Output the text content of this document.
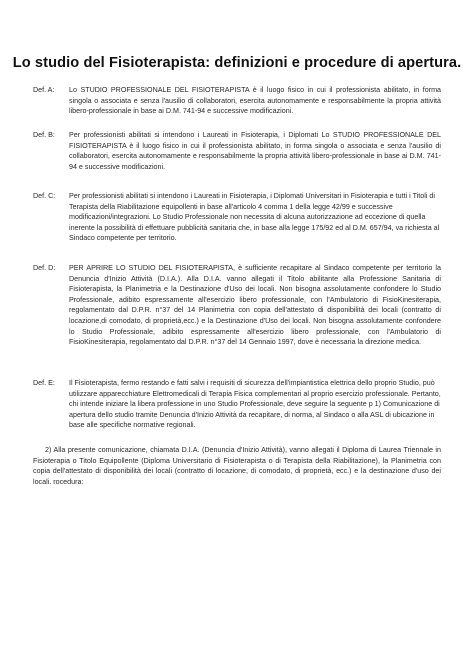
Lo studio del Fisioterapista: definizioni e procedure di apertura.
Def. A: Lo STUDIO PROFESSIONALE DEL FISIOTERAPISTA è il luogo fisico in cui il professionista abilitato, in forma singola o associata e senza l'ausilio di collaboratori, esercita autonomamente e responsabilmente la propria attività libero-professionale in base ai D.M. 741-94 e successive modificazioni.
Def. B: Per professionisti abilitati si intendono i Laureati in Fisioterapia, i Diplomati Lo STUDIO PROFESSIONALE DEL FISIOTERAPISTA è il luogo fisico in cui il professionista abilitato, in forma singola o associata e senza l'ausilio di collaboratori, esercita autonomamente e responsabilmente la propria attività libero-professionale in base ai D.M. 741-94 e successive modificazioni.
Def. C: Per professionisti abilitati si intendono i Laureati in Fisioterapia, i Diplomati Universitari in Fisioterapia e tutti i Titoli di Terapista della Riabilitazione equipollenti in base all'articolo 4 comma 1 della legge 42/99 e successive modificazioni/integrazioni. Lo Studio Professionale non necessita di alcuna autorizzazione ad eccezione di quella inerente la possibilità di effettuare pubblicità sanitaria che, in base alla legge 175/92 ed al D.M. 657/94, va richiesta al Sindaco competente per territorio.
Def. D: PER APRIRE LO STUDIO DEL FISIOTERAPISTA, è sufficiente recapitare al Sindaco competente per territorio la Denuncia d'Inizio Attività (D.I.A.). Alla D.I.A. vanno allegati il Titolo abilitante alla Professione Sanitaria di Fisioterapista, la Planimetria e la Destinazione d'Uso dei locali. Non bisogna assolutamente confondere lo Studio Professionale, adibito espressamente all'esercizio libero professionale, con l'Ambulatorio di FisioKinesiterapia, regolamentato dal D.P.R. n°37 del 14 Planimetria con copia dell'attestato di disponibilità dei locali (contratto di locazione,di comodato, di proprietà,ecc.) e la Destinazione d'Uso dei locali. Non bisogna assolutamente confondere lo Studio Professionale, adibito espressamente all'esercizio libero professionale, con l'Ambulatorio di FisioKinesiterapia, regolamentato dal D.P.R. n°37 del 14 Gennaio 1997, dove è necessaria la direzione medica.
Def. E: Il Fisioterapista, fermo restando e fatti salvi i requisiti di sicurezza dell'impiantistica elettrica dello proprio Studio, può utilizzare apparecchiature Elettromedicali di Terapia Fisica complementari al proprio esercizio professionale. Pertanto, chi intende iniziare la libera professione in uno Studio Professionale, deve seguire la seguente p 1) Comunicazione di apertura dello studio tramite Denuncia d'Inizio Attività da recapitare, di norma, al Sindaco o alla ASL di ubicazione in base alle specifiche normative regionali.
2) Alla presente comunicazione, chiamata D.I.A. (Denuncia d'Inizio Attività), vanno allegati il Diploma di Laurea Triennale in Fisioterapia o Titolo Equipollente (Diploma Universitario di Fisioterapista o di Terapista della Riabilitazione), la Planimetria con copia dell'attestato di disponibilità dei locali (contratto di locazione, di comodato, di proprietà, ecc.) e la destinazione d'uso dei locali. rocedura:
